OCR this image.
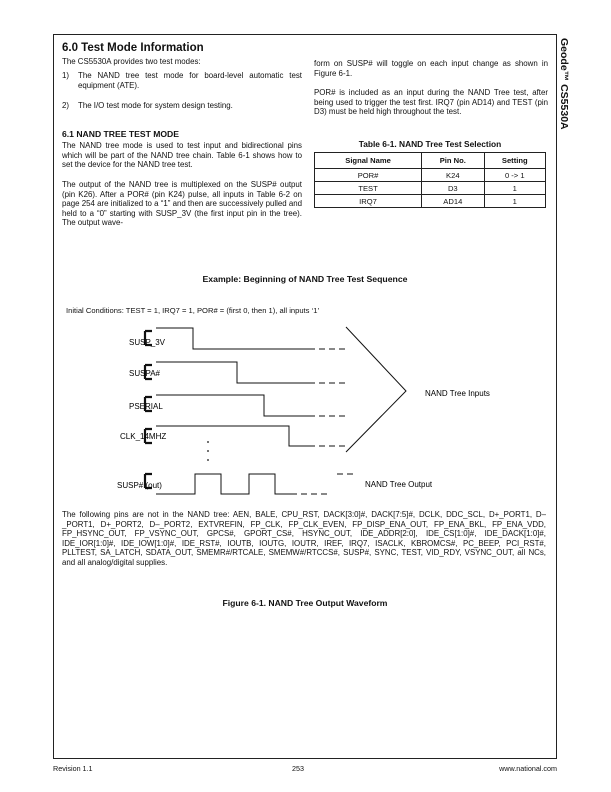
Geode™ CS5530A
6.0 Test Mode Information
The CS5530A provides two test modes:
1) The NAND tree test mode for board-level automatic test equipment (ATE).
2) The I/O test mode for system design testing.
6.1 NAND TREE TEST MODE
The NAND tree mode is used to test input and bidirectional pins which will be part of the NAND tree chain. Table 6-1 shows how to set the device for the NAND tree test.
The output of the NAND tree is multiplexed on the SUSP# output (pin K26). After a POR# (pin K24) pulse, all inputs in Table 6-2 on page 254 are initialized to a “1” and then are successively pulled and held to a “0” starting with SUSP_3V (the first input pin in the tree). The output wave-
form on SUSP# will toggle on each input change as shown in Figure 6-1.
POR# is included as an input during the NAND Tree test, after being used to trigger the test first. IRQ7 (pin AD14) and TEST (pin D3) must be held high throughout the test.
Table 6-1. NAND Tree Test Selection
Signal Name	Pin No.	Setting
POR#	K24	0 -> 1
TEST	D3	1
IRQ7	AD14	1
Example: Beginning of NAND Tree Test Sequence
Initial Conditions: TEST = 1, IRQ7 = 1, POR# = (first 0, then 1), all inputs ‘1’
SUSP_3V
SUSPA#
PSERIAL
CLK_14MHZ
SUSP# (out)
NAND Tree Inputs
NAND Tree Output
The following pins are not in the NAND tree: AEN, BALE, CPU_RST, DACK[3:0]#, DACK[7:5]#, DCLK, DDC_SCL, D+_PORT1, D–_PORT1, D+_PORT2, D–_PORT2, EXTVREFIN, FP_CLK, FP_CLK_EVEN, FP_DISP_ENA_OUT, FP_ENA_BKL, FP_ENA_VDD, FP_HSYNC_OUT, FP_VSYNC_OUT, GPCS#, GPORT_CS#, HSYNC_OUT, IDE_ADDR[2:0], IDE_CS[1:0]#, IDE_DACK[1:0]#, IDE_IOR[1:0]#, IDE_IOW[1:0]#, IDE_RST#, IOUTB, IOUTG, IOUTR, IREF, IRQ7, ISACLK, KBROMCS#, PC_BEEP, PCI_RST#, PLLTEST, SA_LATCH, SDATA_OUT, SMEMR#/RTCALE, SMEMW#/RTCCS#, SUSP#, SYNC, TEST, VID_RDY, VSYNC_OUT, all NCs, and all analog/digital supplies.
Figure 6-1. NAND Tree Output Waveform
Revision 1.1	253	www.national.com
